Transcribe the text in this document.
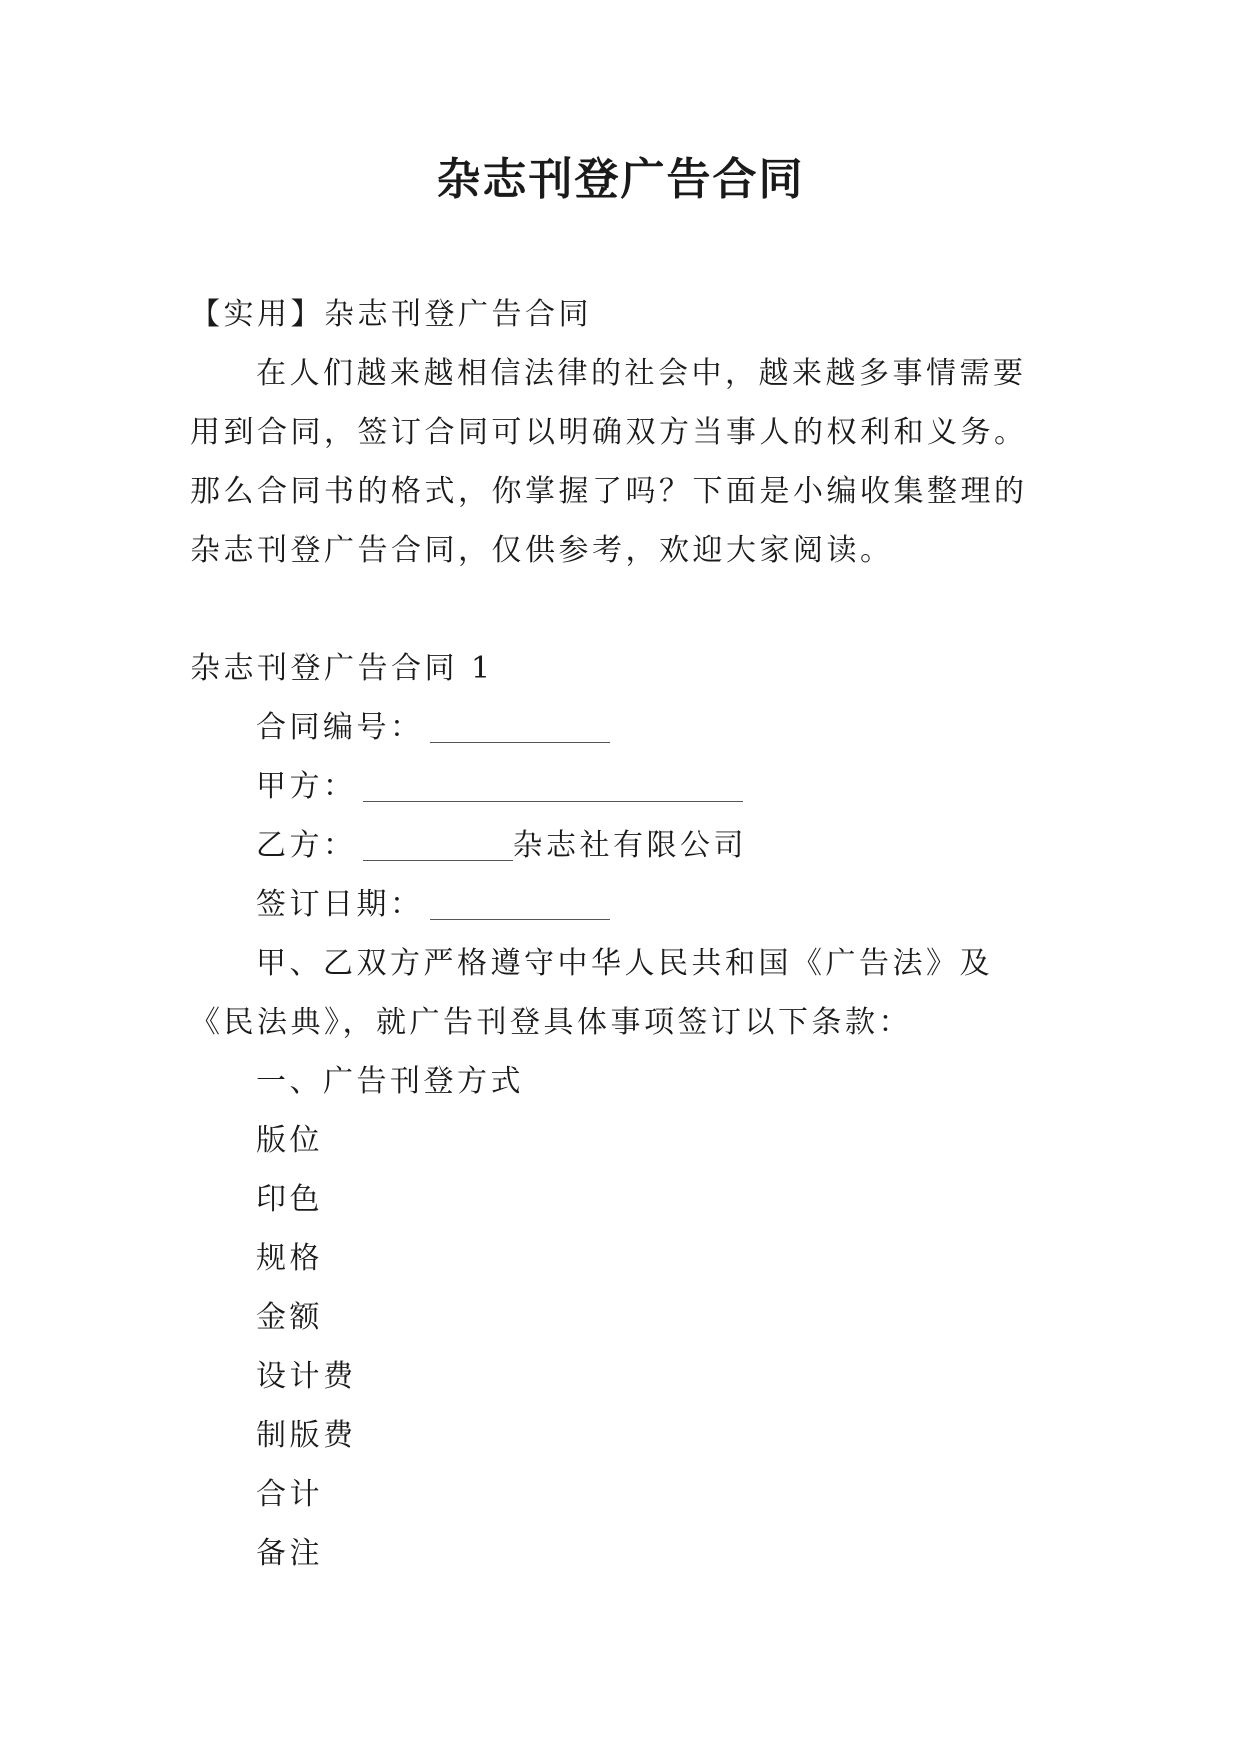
杂志刊登广告合同

【实用】杂志刊登广告合同

在人们越来越相信法律的社会中，越来越多事情需要用到合同，签订合同可以明确双方当事人的权利和义务。那么合同书的格式，你掌握了吗？下面是小编收集整理的杂志刊登广告合同，仅供参考，欢迎大家阅读。

杂志刊登广告合同 1

合同编号：

甲方：

乙方：	杂志社有限公司

签订日期：

甲、乙双方严格遵守中华人民共和国《广告法》及《民法典》，就广告刊登具体事项签订以下条款：

一、广告刊登方式

版位

印色

规格

金额

设计费

制版费

合计

备注
